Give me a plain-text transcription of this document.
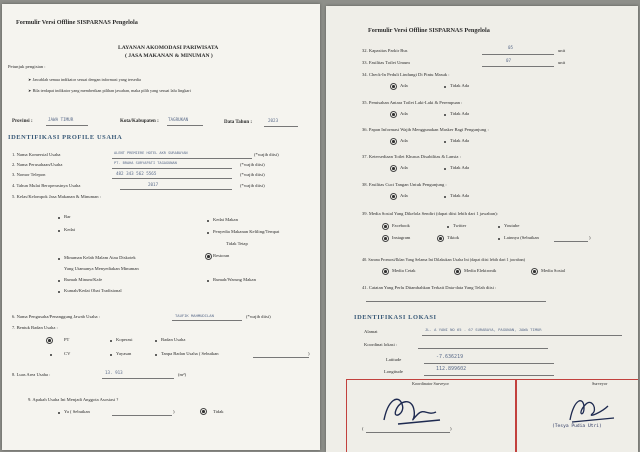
Formulir Versi Offline SISPARNAS Pengelola
LAYANAN AKOMODASI PARIWISATA
( JASA MAKANAN & MINUMAN )
Petunjuk pengisian :
➤ Jawablah semua indikator sesuai dengan informasi yang tersedia
➤ Bila terdapat indikator yang memberikan pilihan jawaban, maka pilih yang sesuai lalu lingkari
Provinsi :	JAWA TIMUR	Kota/Kabupaten : TAGRUKAN
Data Tahun :	2023
IDENTIFIKASI PROFILE USAHA
1. Nama Komersial Usaha	ALENT PREMIERE HOTEL AKR SURABAYAN	(*wajib diisi)
2. Nama Perusahaan/Usaha	PT. BRAHA SURYAPATI TAGAGUNAN	(*wajib diisi)
3. Nomor Telepon	482 343 562 5565	(*wajib diisi)
4. Tahun Mulai Beroperasinya Usaha	2017	(*wajib diisi)
5. Kelas/Kelompok Jasa Makanan & Minuman :
Bar
Kedai
Minuman Kelab Malam Atau Diskotek
Yang Utamanya Menyediakan Minuman
Rumah Minum/Kafe
Kumah/Kedai Obat Tradisional
Kedai Makan
Penyedia Makanan Keliling/Tempat
Tidak Tetap
Restoran
Rumah/Warung Makan
6. Nama Pengusaha/Penanggung Jawab Usaha :	TAUFIK MAHMUDILAN	(*wajib diisi)
7. Bentuk Badan Usaha :
PT	Koperasi	Badan Usaha
CV	Yayasan	Tanpa Badan Usaha ( Sebutkan	)
8. Luas Area Usaha :	13. 913	(m²)
9. Apakah Usaha Ini Menjadi Anggota Asosiasi ?
Ya ( Sebutkan	)	Tidak
Formulir Versi Offline SISPARNAS Pengelola
32. Kapasitas Parkir Bus
05
unit
33. Fasilitas Toilet Umum	07	unit
34. Check-In Peduli Lindungi Di Pintu Masuk :
Ada	Tidak Ada
35. Pemisahan Antara Toilet Laki-Laki & Perempuan :
Ada	Tidak Ada
36. Papan Informasi Wajib Menggunakan Masker Bagi Pengunjung :
Ada	Tidak Ada
37. Ketersediaan Toilet Khusus Disabilitas & Lansia :
Ada	Tidak Ada
38. Fasilitas Cuci Tangan Untuk Pengunjung :
Ada	Tidak Ada
39. Media Sosial Yang Dikelola Sendiri (dapat diisi lebih dari 1 jawaban):
Facebook	Twitter	Youtube
Instagram	Tiktok	Lainnya (Sebutkan	)
40. Sarana Promosi/Iklan Yang Selama Ini Dilakukan Usaha Ini (dapat diisi lebih dari 1 jawaban)
Media Cetak	Media Elektronik	Media Sosial
41. Catatan Yang Perlu Ditambahkan Terkait Data-data Yang Telah diisi :
IDENTIFIKASI LOKASI
Alamat	JL. A YANI NO 65 - 67 SURABAYA, PAGUNAN, JAWA TIMUR
Koordinat lokasi :
Latitude	-7.636219
Longitude	112.899602
Koordinator Surveyor	Surveyor
(	)	(Tesya Pudia Utri)
